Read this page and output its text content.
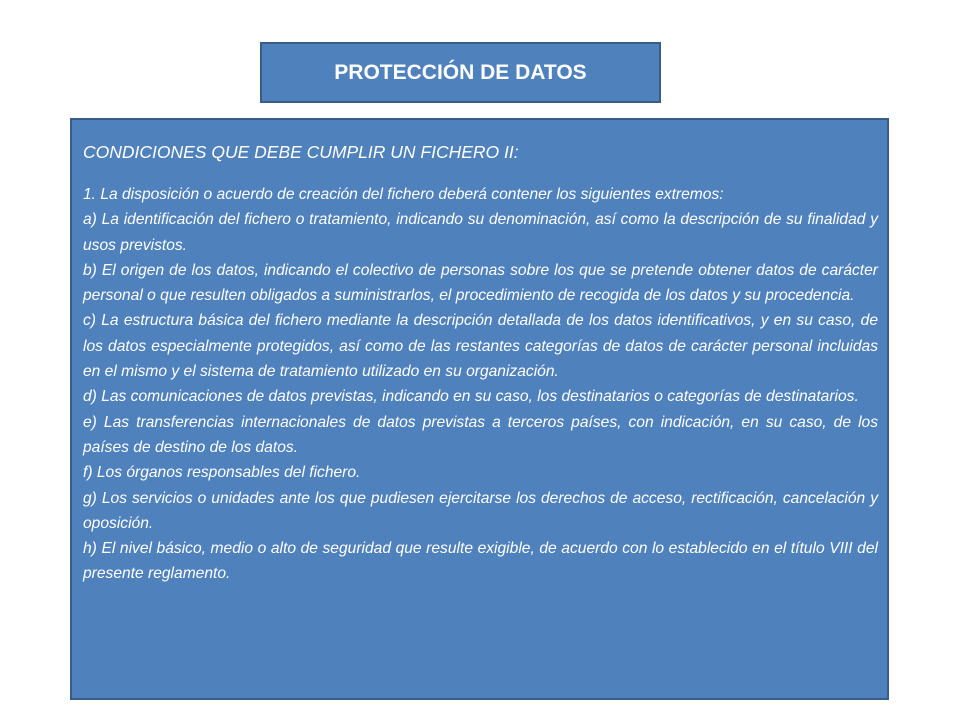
PROTECCIÓN DE DATOS
CONDICIONES QUE DEBE CUMPLIR UN FICHERO II:

1. La disposición o acuerdo de creación del fichero deberá contener los siguientes extremos:

a) La identificación del fichero o tratamiento, indicando su denominación, así como la descripción de su finalidad y usos previstos.

b) El origen de los datos, indicando el colectivo de personas sobre los que se pretende obtener datos de carácter personal o que resulten obligados a suministrarlos, el procedimiento de recogida de los datos y su procedencia.

c) La estructura básica del fichero mediante la descripción detallada de los datos identificativos, y en su caso, de los datos especialmente protegidos, así como de las restantes categorías de datos de carácter personal incluidas en el mismo y el sistema de tratamiento utilizado en su organización.

d) Las comunicaciones de datos previstas, indicando en su caso, los destinatarios o categorías de destinatarios.

e) Las transferencias internacionales de datos previstas a terceros países, con indicación, en su caso, de los países de destino de los datos.

f) Los órganos responsables del fichero.

g) Los servicios o unidades ante los que pudiesen ejercitarse los derechos de acceso, rectificación, cancelación y oposición.

h) El nivel básico, medio o alto de seguridad que resulte exigible, de acuerdo con lo establecido en el título VIII del presente reglamento.
